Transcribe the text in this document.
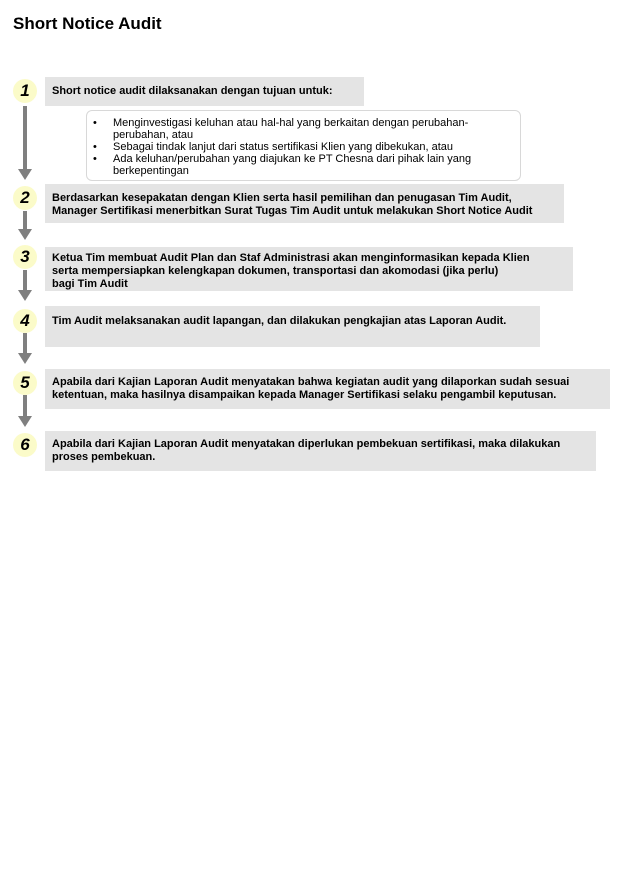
Short Notice Audit
1	Short notice audit dilaksanakan dengan tujuan untuk:
•	Menginvestigasi keluhan atau hal-hal yang berkaitan dengan perubahan-
perubahan, atau
•	Sebagai tindak lanjut dari status sertifikasi Klien yang dibekukan, atau
•	Ada keluhan/perubahan yang diajukan ke PT Chesna dari pihak lain yang
berkepentingan
2	Berdasarkan kesepakatan dengan Klien serta hasil pemilihan dan penugasan Tim Audit,
Manager Sertifikasi menerbitkan Surat Tugas Tim Audit untuk melakukan Short Notice Audit
3	Ketua Tim membuat Audit Plan dan Staf Administrasi akan menginformasikan kepada Klien
serta mempersiapkan kelengkapan dokumen, transportasi dan akomodasi (jika perlu)
bagi Tim Audit
4	Tim Audit melaksanakan audit lapangan, dan dilakukan pengkajian atas Laporan Audit.
5	Apabila dari Kajian Laporan Audit menyatakan bahwa kegiatan audit yang dilaporkan sudah sesuai
ketentuan, maka hasilnya disampaikan kepada Manager Sertifikasi selaku pengambil keputusan.
6	Apabila dari Kajian Laporan Audit menyatakan diperlukan pembekuan sertifikasi, maka dilakukan
proses pembekuan.
